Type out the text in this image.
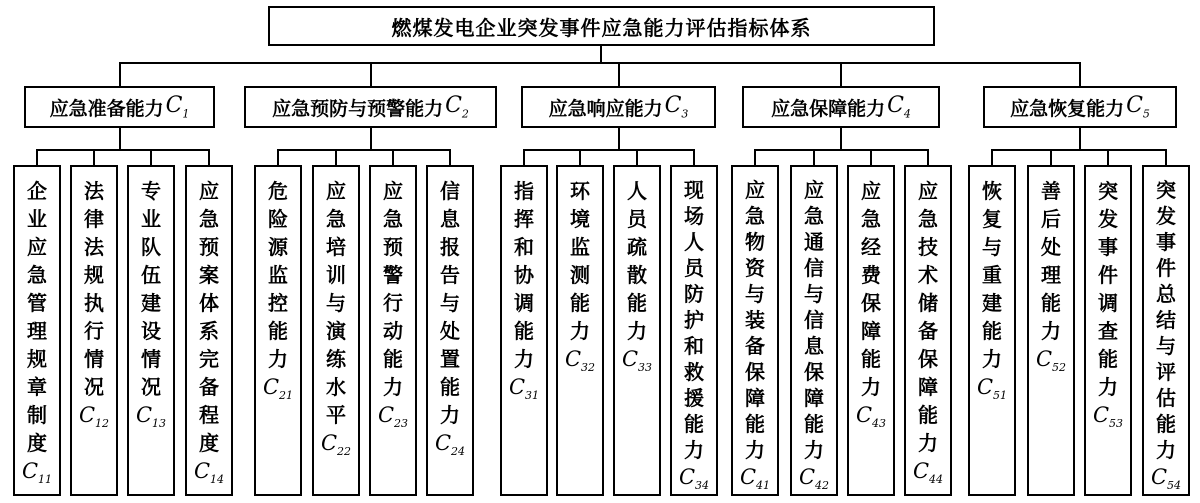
燃煤发电企业突发事件应急能力评估指标体系
应急准备能力 $C_1$
企
业
应
急
管
理
规
章
制
度
$C_{11}$
法
律
法
规
执
行
情
况
$C_{12}$
专
业
队
伍
建
设
情
况
$C_{13}$
应
急
预
案
体
系
完
备
程
度
$C_{14}$
应急预防与预警能力 $C_2$
危
险
源
监
控
能
力
$C_{21}$
应
急
培
训
与
演
练
水
平
$C_{22}$
应
急
预
警
行
动
能
力
$C_{23}$
信
息
报
告
与
处
置
能
力
$C_{24}$
应急响应能力 $C_3$
指
挥
和
协
调
能
力
$C_{31}$
环
境
监
测
能
力
$C_{32}$
人
员
疏
散
能
力
$C_{33}$
现
场
人
员
防
护
和
救
援
能
力
$C_{34}$
应急保障能力 $C_4$
应
急
物
资
与
装
备
保
障
能
力
$C_{41}$
应
急
通
信
与
信
息
保
障
能
力
$C_{42}$
应
急
经
费
保
障
能
力
$C_{43}$
应
急
技
术
储
备
保
障
能
力
$C_{44}$
应急恢复能力 $C_5$
恢
复
与
重
建
能
力
$C_{51}$
善
后
处
理
能
力
$C_{52}$
突
发
事
件
调
查
能
力
$C_{53}$
突
发
事
件
总
结
与
评
估
能
力
$C_{54}$
